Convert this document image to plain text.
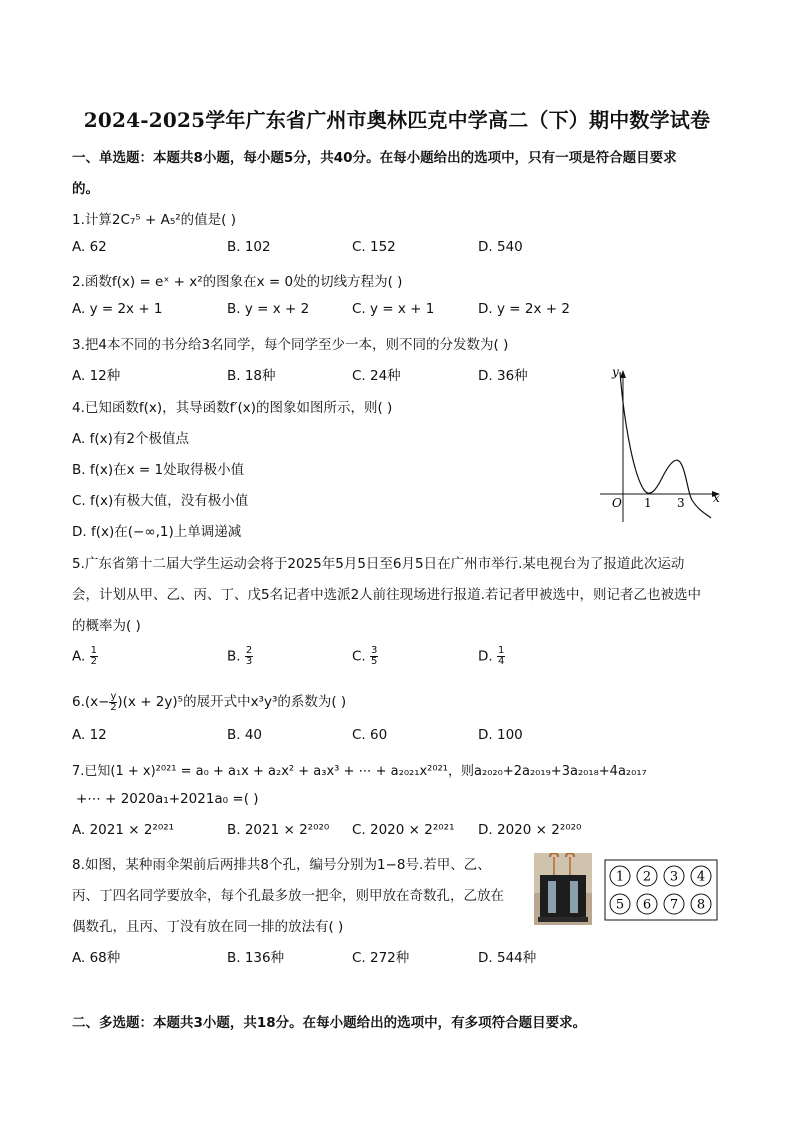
2024-2025学年广东省广州市奥林匹克中学高二（下）期中数学试卷
一、单选题：本题共8小题，每小题5分，共40分。在每小题给出的选项中，只有一项是符合题目要求
的。
1.计算2C₇⁵ + A₅²的值是( )
A. 62	B. 102	C. 152	D. 540
2.函数f(x) = eˣ + x²的图象在x = 0处的切线方程为( )
A. y = 2x + 1	B. y = x + 2	C. y = x + 1	D. y = 2x + 2
3.把4本不同的书分给3名同学，每个同学至少一本，则不同的分发数为( )
A. 12种	B. 18种	C. 24种	D. 36种
4.已知函数f(x)，其导函数f′(x)的图象如图所示，则( )
A. f(x)有2个极值点
B. f(x)在x = 1处取得极小值
C. f(x)有极大值，没有极小值
D. f(x)在(−∞,1)上单调递减
y
x
O 1 3
5.广东省第十二届大学生运动会将于2025年5月5日至6月5日在广州市举行.某电视台为了报道此次运动
会，计划从甲、乙、丙、丁、戊5名记者中选派2人前往现场进行报道.若记者甲被选中，则记者乙也被选中
的概率为( )
A. $\frac{1}{2}$	B. $\frac{2}{3}$	C. $\frac{3}{5}$	D. $\frac{1}{4}$
$6.(x- \frac{y}{2} )(x + 2y)^5$的展开式中x³y³的系数为( )
A. 12	B. 40	C. 60	D. 100
7.已知(1 + x)²⁰²¹ = a₀ + a₁x + a₂x² + a₃x³ + ⋯ + a₂₀₂₁x²⁰²¹，则a₂₀₂₀+2a₂₀₁₉+3a₂₀₁₈+4a₂₀₁₇
+⋯ + 2020a₁+2021a₀ =( )
A. 2021 × 2²⁰²¹	B. 2021 × 2²⁰²⁰ C. 2020 × 2²⁰²¹ D. 2020 × 2²⁰²⁰
8.如图，某种雨伞架前后两排共8个孔，编号分别为1−8号.若甲、乙、
丙、丁四名同学要放伞，每个孔最多放一把伞，则甲放在奇数孔，乙放在
偶数孔，且丙、丁没有放在同一排的放法有( )
1 2 3 4
5 6 7 8
A. 68种	B. 136种	C. 272种	D. 544种
二、多选题：本题共3小题，共18分。在每小题给出的选项中，有多项符合题目要求。
